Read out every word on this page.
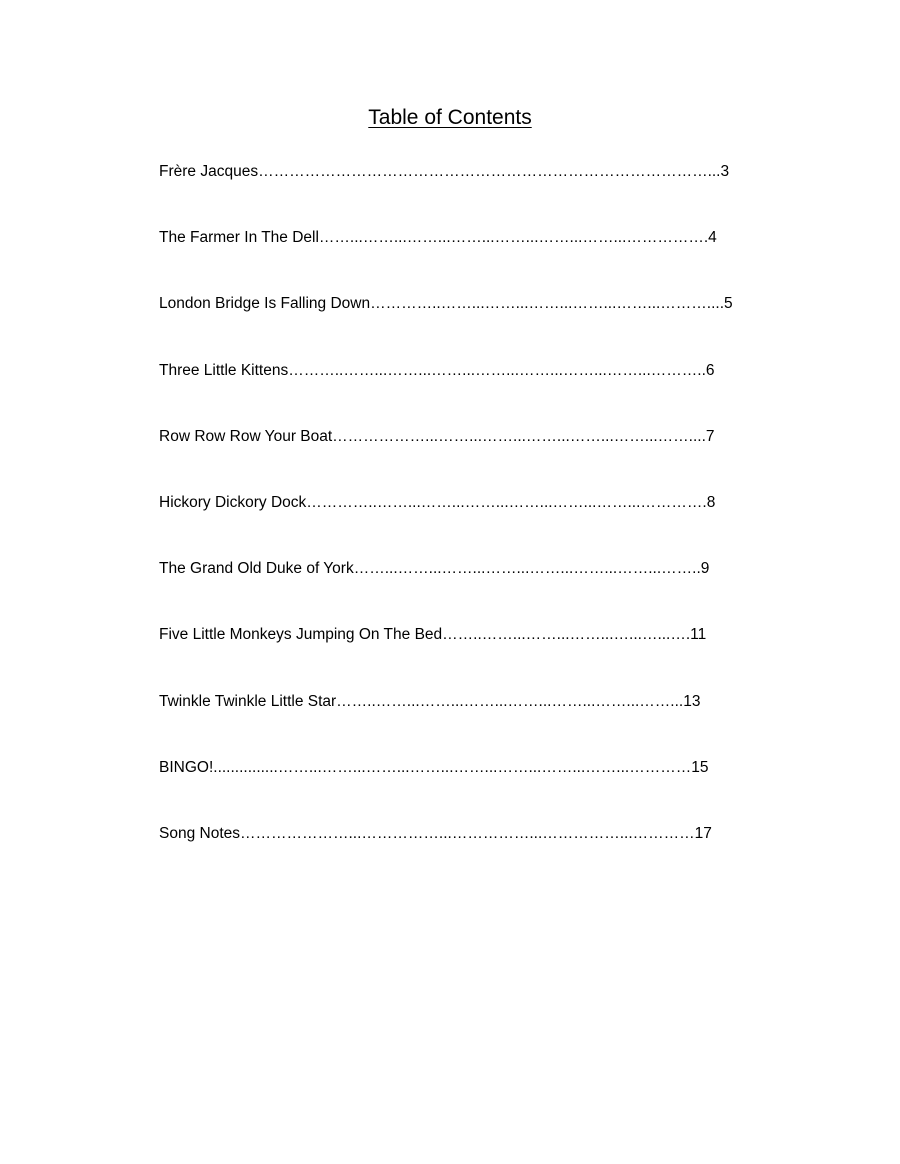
Table of Contents
Frère Jacques……………………………………………………………………………...3
The Farmer In The Dell……...……...……...……...……...……...……...…………….4
London Bridge Is Falling Down…………..……...……...……...……...……...………....5
Three Little Kittens………..……...……...……...……...……...……...……...………..6
Row Row Row Your Boat………………...……...……...……...……...……...……....7
Hickory Dickory Dock…………..……...……...……...……...……...……...………….8
The Grand Old Duke of York……...……...……...……...……...……...……...……..9
Five Little Monkeys Jumping On The Bed……..……...……...……...…...…...….11
Twinkle Twinkle Little Star……..……...……...……...……...……...……...……...13
BINGO!...............……...……...……...……...……...……...……...……...…………15
Song Notes…………………...……………...……………...……………...…………17
